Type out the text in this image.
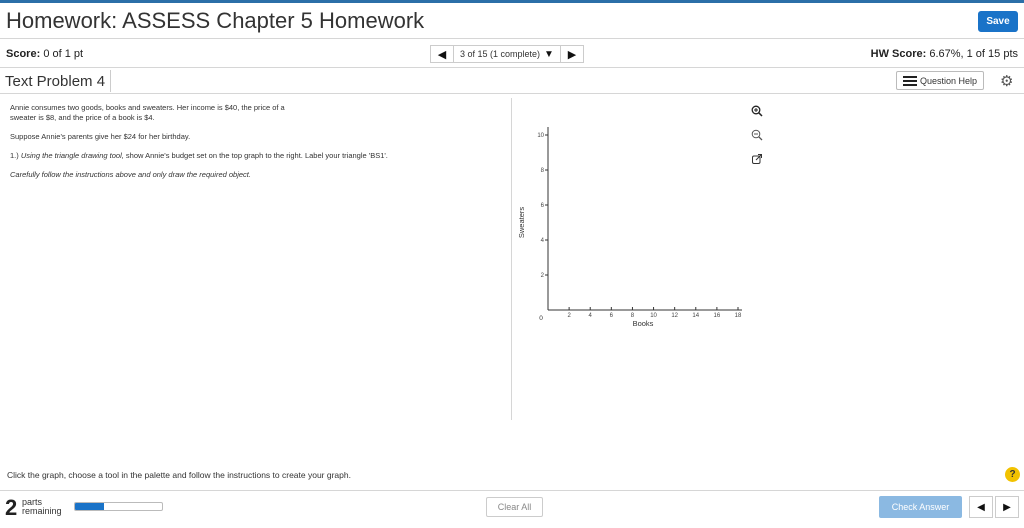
Homework: ASSESS Chapter 5 Homework	Save
Score: 0 of 1 pt	◀	3 of 15 (1 complete) ▼	▶	HW Score: 6.67%, 1 of 15 pts
Text Problem 4	Question Help ⚙

Annie consumes two goods, books and sweaters. Her income is $40, the price of a sweater is $8, and the price of a book is $4.

Suppose Annie's parents give her $24 for her birthday.

1.) Using the triangle drawing tool, show Annie's budget set on the top graph to the right. Label your triangle 'BS1'.

Carefully follow the instructions above and only draw the required object.

2	4	6	8	10 12 14 16 18
2
4
6
8
10
Books
Sweaters
0
Click the graph, choose a tool in the palette and follow the instructions to create your graph.	?
2 parts
remaining	Clear All	Check Answer	◀	▶
